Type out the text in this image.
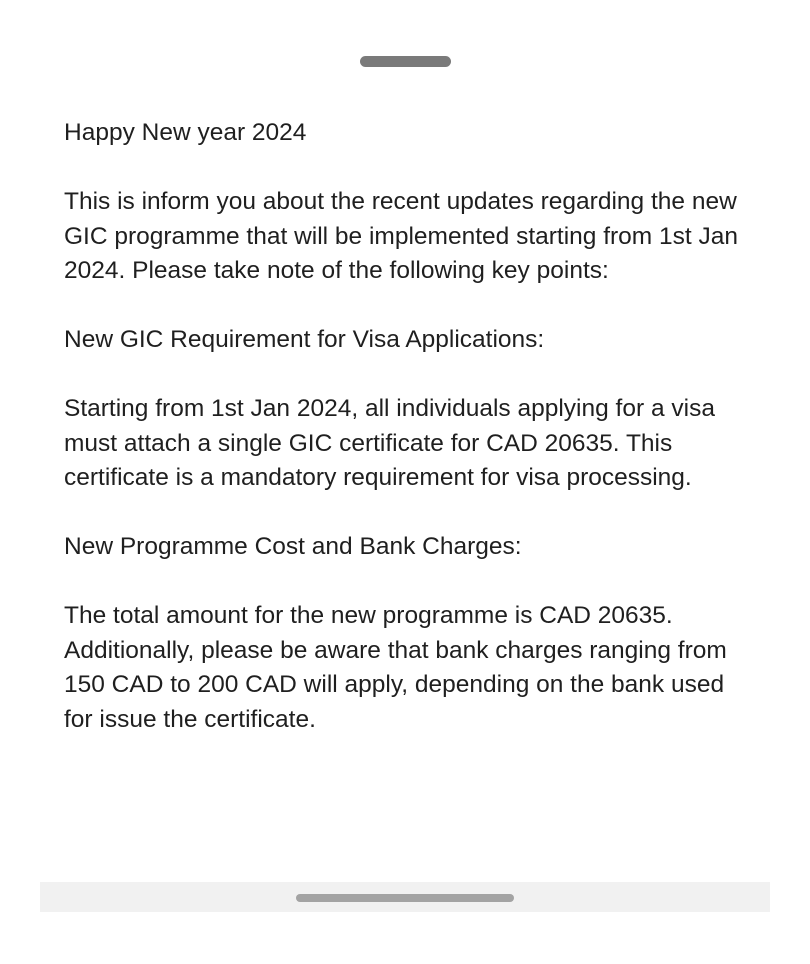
Happy New year 2024

This is inform you about the recent updates regarding the new GIC programme that will be implemented starting from 1st Jan 2024. Please take note of the following key points:

New GIC Requirement for Visa Applications:

Starting from 1st Jan 2024, all individuals applying for a visa must attach a single GIC certificate for CAD 20635. This certificate is a mandatory requirement for visa processing.

New Programme Cost and Bank Charges:

The total amount for the new programme is CAD 20635. Additionally, please be aware that bank charges ranging from 150 CAD to 200 CAD will apply, depending on the bank used for issue the certificate.
